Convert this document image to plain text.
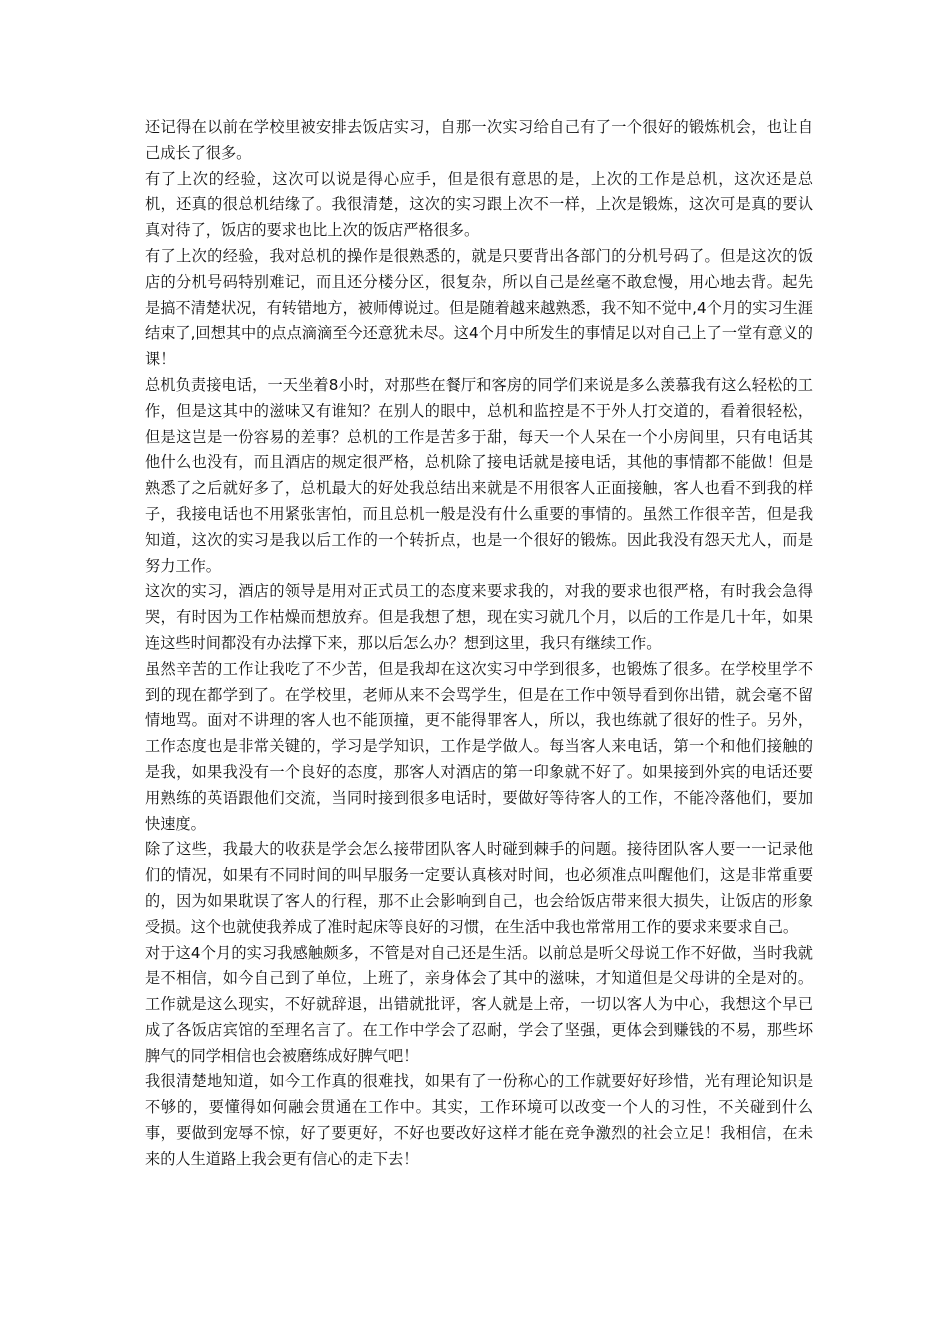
还记得在以前在学校里被安排去饭店实习，自那一次实习给自己有了一个很好的锻炼机会，也让自己成长了很多。

有了上次的经验，这次可以说是得心应手，但是很有意思的是，上次的工作是总机，这次还是总机，还真的很总机结缘了。我很清楚，这次的实习跟上次不一样，上次是锻炼，这次可是真的要认真对待了，饭店的要求也比上次的饭店严格很多。

有了上次的经验，我对总机的操作是很熟悉的，就是只要背出各部门的分机号码了。但是这次的饭店的分机号码特别难记，而且还分楼分区，很复杂，所以自己是丝毫不敢怠慢，用心地去背。起先是搞不清楚状况，有转错地方，被师傅说过。但是随着越来越熟悉，我不知不觉中,4个月的实习生涯结束了,回想其中的点点滴滴至今还意犹未尽。这4个月中所发生的事情足以对自己上了一堂有意义的课！

总机负责接电话，一天坐着8小时，对那些在餐厅和客房的同学们来说是多么羡慕我有这么轻松的工作，但是这其中的滋味又有谁知？在别人的眼中，总机和监控是不于外人打交道的，看着很轻松，但是这岂是一份容易的差事？总机的工作是苦多于甜，每天一个人呆在一个小房间里，只有电话其他什么也没有，而且酒店的规定很严格，总机除了接电话就是接电话，其他的事情都不能做！但是熟悉了之后就好多了，总机最大的好处我总结出来就是不用很客人正面接触，客人也看不到我的样子，我接电话也不用紧张害怕，而且总机一般是没有什么重要的事情的。虽然工作很辛苦，但是我知道，这次的实习是我以后工作的一个转折点，也是一个很好的锻炼。因此我没有怨天尤人，而是努力工作。

这次的实习，酒店的领导是用对正式员工的态度来要求我的，对我的要求也很严格，有时我会急得哭，有时因为工作枯燥而想放弃。但是我想了想，现在实习就几个月，以后的工作是几十年，如果连这些时间都没有办法撑下来，那以后怎么办？想到这里，我只有继续工作。

虽然辛苦的工作让我吃了不少苦，但是我却在这次实习中学到很多，也锻炼了很多。在学校里学不到的现在都学到了。在学校里，老师从来不会骂学生，但是在工作中领导看到你出错，就会毫不留情地骂。面对不讲理的客人也不能顶撞，更不能得罪客人，所以，我也练就了很好的性子。另外，工作态度也是非常关键的，学习是学知识，工作是学做人。每当客人来电话，第一个和他们接触的是我，如果我没有一个良好的态度，那客人对酒店的第一印象就不好了。如果接到外宾的电话还要用熟练的英语跟他们交流，当同时接到很多电话时，要做好等待客人的工作，不能冷落他们，要加快速度。

除了这些，我最大的收获是学会怎么接带团队客人时碰到棘手的问题。接待团队客人要一一记录他们的情况，如果有不同时间的叫早服务一定要认真核对时间，也必须准点叫醒他们，这是非常重要的，因为如果耽误了客人的行程，那不止会影响到自己，也会给饭店带来很大损失，让饭店的形象受损。这个也就使我养成了准时起床等良好的习惯，在生活中我也常常用工作的要求来要求自己。

对于这4个月的实习我感触颇多，不管是对自己还是生活。以前总是听父母说工作不好做，当时我就是不相信，如今自己到了单位，上班了，亲身体会了其中的滋味，才知道但是父母讲的全是对的。工作就是这么现实，不好就辞退，出错就批评，客人就是上帝，一切以客人为中心，我想这个早已成了各饭店宾馆的至理名言了。在工作中学会了忍耐，学会了坚强，更体会到赚钱的不易，那些坏脾气的同学相信也会被磨练成好脾气吧！

我很清楚地知道，如今工作真的很难找，如果有了一份称心的工作就要好好珍惜，光有理论知识是不够的，要懂得如何融会贯通在工作中。其实，工作环境可以改变一个人的习性，不关碰到什么事，要做到宠辱不惊，好了要更好，不好也要改好这样才能在竞争激烈的社会立足！我相信，在未来的人生道路上我会更有信心的走下去！
